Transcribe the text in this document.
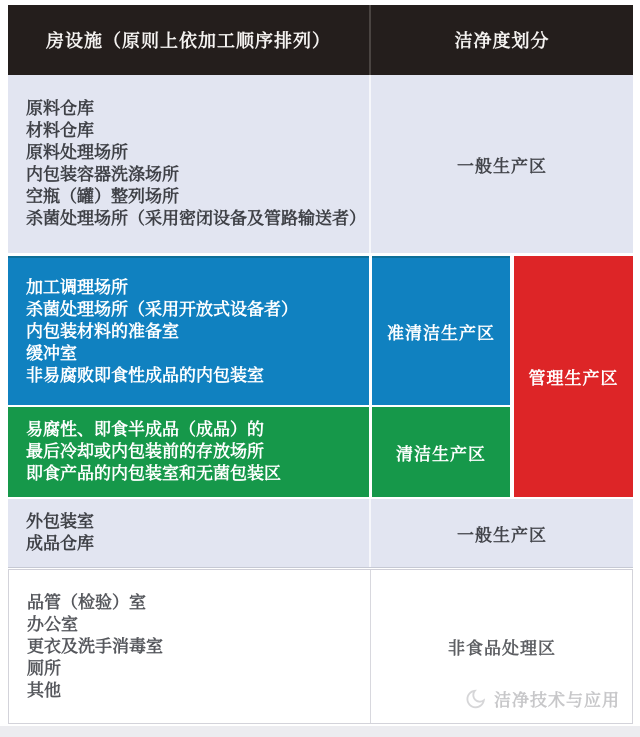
房设施（原则上依加工顺序排列）	洁净度划分
原料仓库
材料仓库
原料处理场所
内包装容器洗涤场所
空瓶（罐）整列场所
杀菌处理场所（采用密闭设备及管路输送者）
一般生产区
加工调理场所
杀菌处理场所（采用开放式设备者）
内包装材料的准备室
缓冲室
非易腐败即食性成品的内包装室
准清洁生产区
易腐性、即食半成品（成品）的
最后冷却或内包装前的存放场所
即食产品的内包装室和无菌包装区
清洁生产区
管理生产区
外包装室
成品仓库	一般生产区
品管（检验）室
办公室
更衣及洗手消毒室
厕所
其他
非食品处理区
洁净技术与应用
